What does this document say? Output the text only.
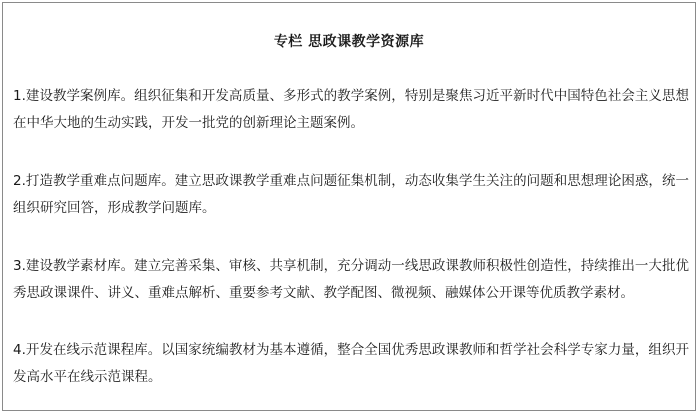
专栏 思政课教学资源库
1.建设教学案例库。组织征集和开发高质量、多形式的教学案例，特别是聚焦习近平新时代中国特色社会主义思想在中华大地的生动实践，开发一批党的创新理论主题案例。
2.打造教学重难点问题库。建立思政课教学重难点问题征集机制，动态收集学生关注的问题和思想理论困惑，统一组织研究回答，形成教学问题库。
3.建设教学素材库。建立完善采集、审核、共享机制，充分调动一线思政课教师积极性创造性，持续推出一大批优秀思政课课件、讲义、重难点解析、重要参考文献、教学配图、微视频、融媒体公开课等优质教学素材。
4.开发在线示范课程库。以国家统编教材为基本遵循，整合全国优秀思政课教师和哲学社会科学专家力量，组织开发高水平在线示范课程。
